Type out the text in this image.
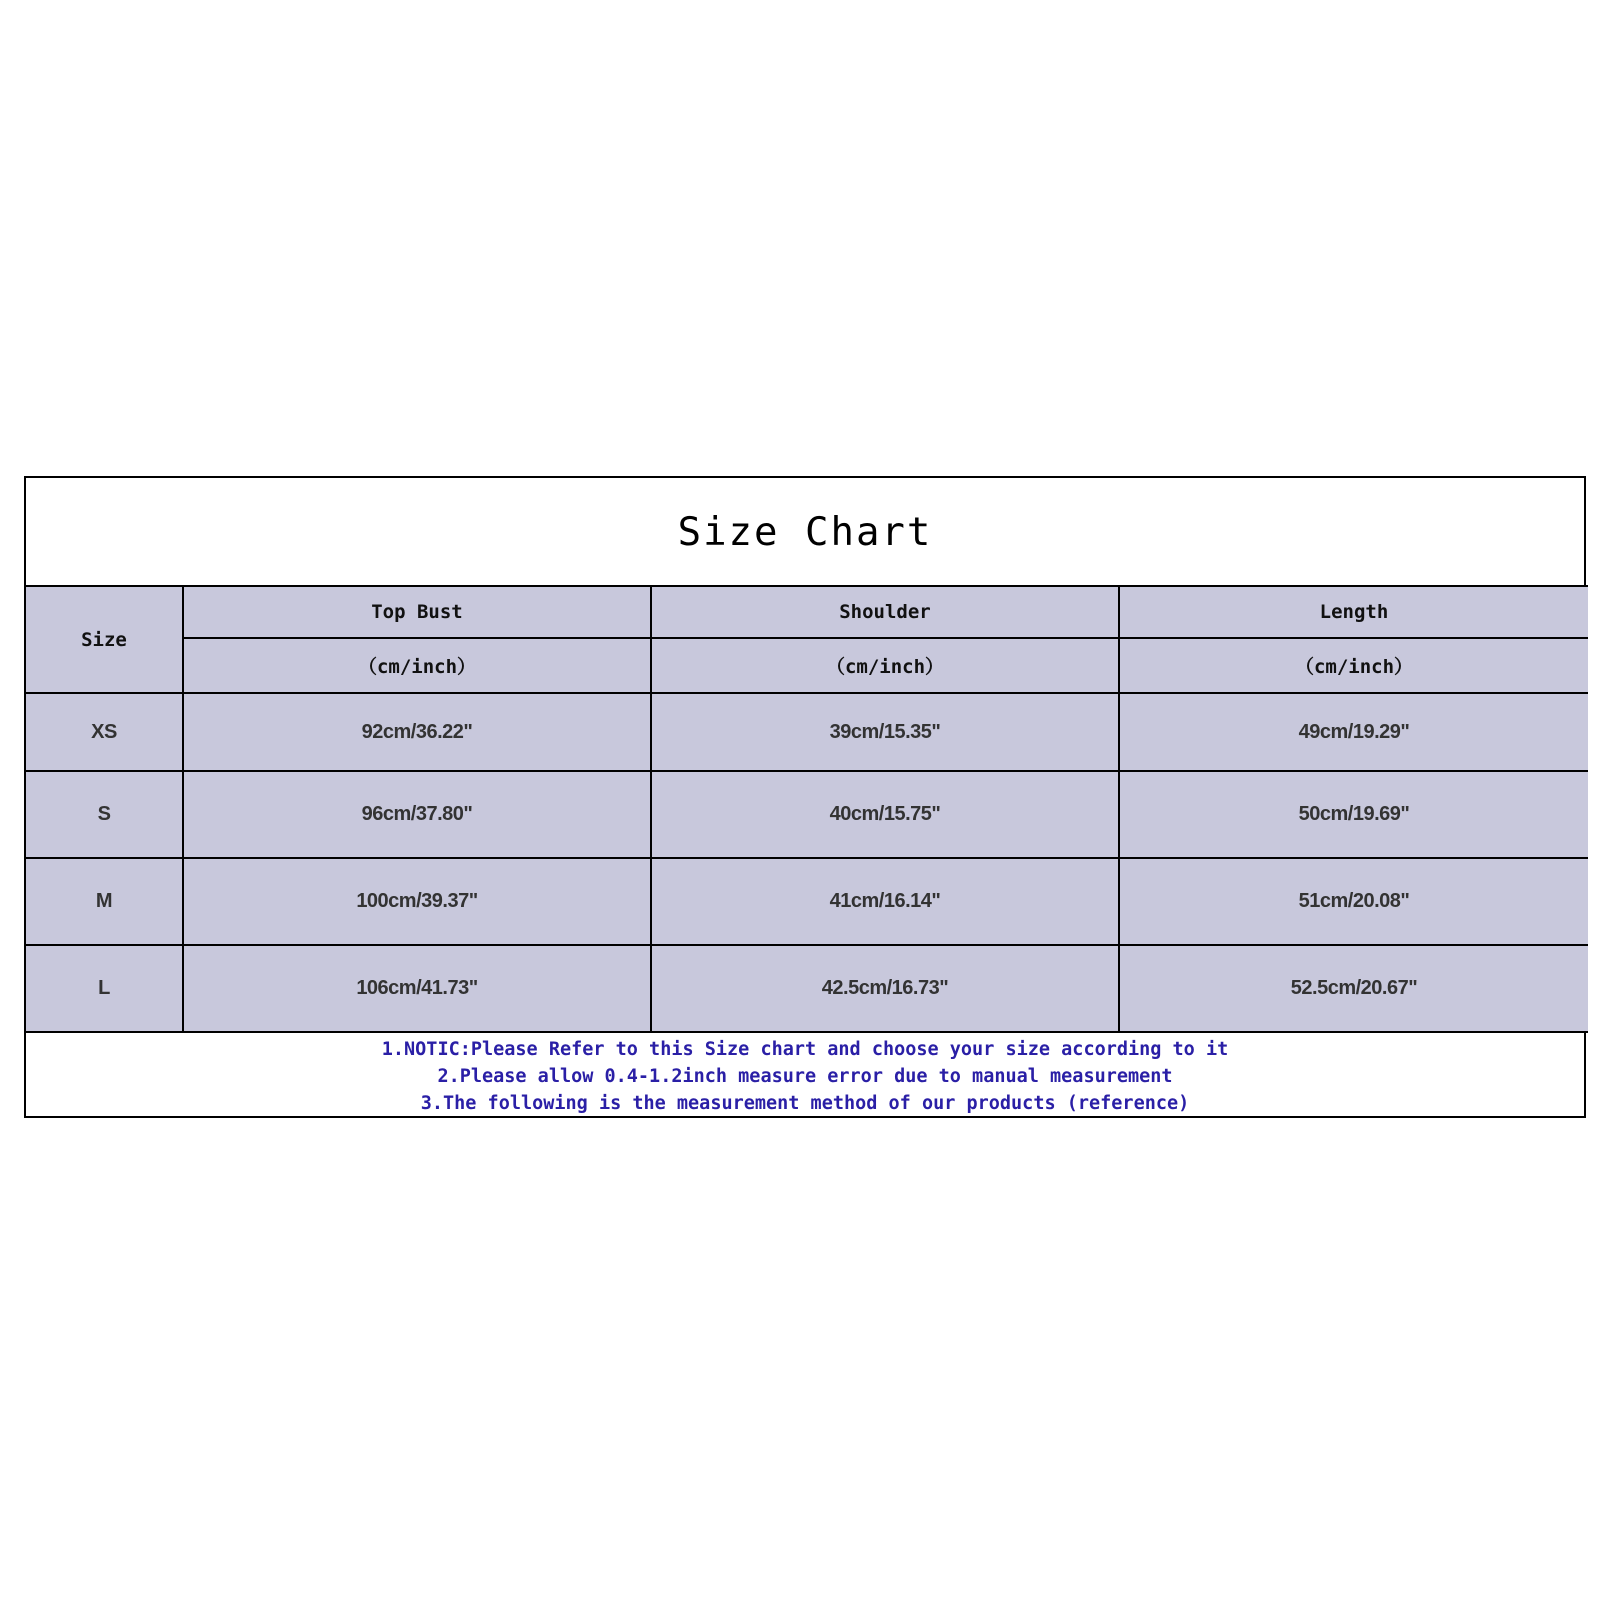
Size Chart
Size	Top Bust	Shoulder	Length
	（cm/inch）	（cm/inch）	（cm/inch）
XS	92cm/36.22"	39cm/15.35"	49cm/19.29"
S	96cm/37.80"	40cm/15.75"	50cm/19.69"
M	100cm/39.37"	41cm/16.14"	51cm/20.08"
L	106cm/41.73"	42.5cm/16.73"	52.5cm/20.67"
1.NOTIC:Please Refer to this Size chart and choose your size according to it
2.Please allow 0.4-1.2inch measure error due to manual measurement
3.The following is the measurement method of our products (reference)
